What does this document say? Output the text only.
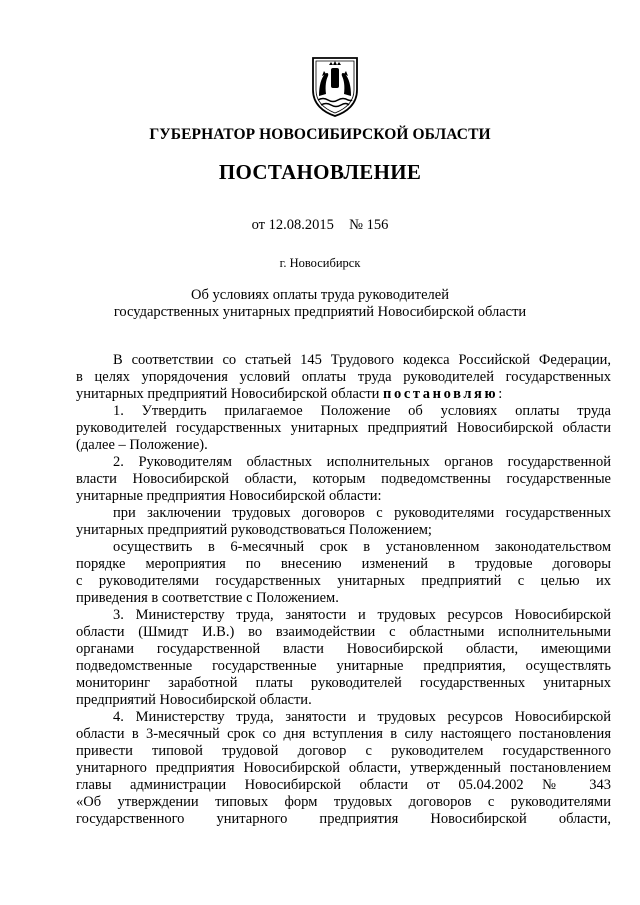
ГУБЕРНАТОР НОВОСИБИРСКОЙ ОБЛАСТИ
ПОСТАНОВЛЕНИЕ
от 12.08.2015 № 156
г. Новосибирск
Об условиях оплаты труда руководителей
государственных унитарных предприятий Новосибирской области
В соответствии со статьей 145 Трудового кодекса Российской Федерации,
в целях упорядочения условий оплаты труда руководителей государственных
унитарных предприятий Новосибирской области постановляю:
1. Утвердить прилагаемое Положение об условиях оплаты труда
руководителей государственных унитарных предприятий Новосибирской области
(далее – Положение).
2. Руководителям областных исполнительных органов государственной
власти Новосибирской области, которым подведомственны государственные
унитарные предприятия Новосибирской области:
при заключении трудовых договоров с руководителями государственных
унитарных предприятий руководствоваться Положением;
осуществить в 6-месячный срок в установленном законодательством
порядке мероприятия по внесению изменений в трудовые договоры
с руководителями государственных унитарных предприятий с целью их
приведения в соответствие с Положением.
3. Министерству труда, занятости и трудовых ресурсов Новосибирской
области (Шмидт И.В.) во взаимодействии с областными исполнительными
органами государственной власти Новосибирской области, имеющими
подведомственные государственные унитарные предприятия, осуществлять
мониторинг заработной платы руководителей государственных унитарных
предприятий Новосибирской области.
4. Министерству труда, занятости и трудовых ресурсов Новосибирской
области в 3-месячный срок со дня вступления в силу настоящего постановления
привести типовой трудовой договор с руководителем государственного
унитарного предприятия Новосибирской области, утвержденный постановлением
главы администрации Новосибирской области от 05.04.2002 № 343
«Об утверждении типовых форм трудовых договоров с руководителями
государственного унитарного предприятия Новосибирской области,
